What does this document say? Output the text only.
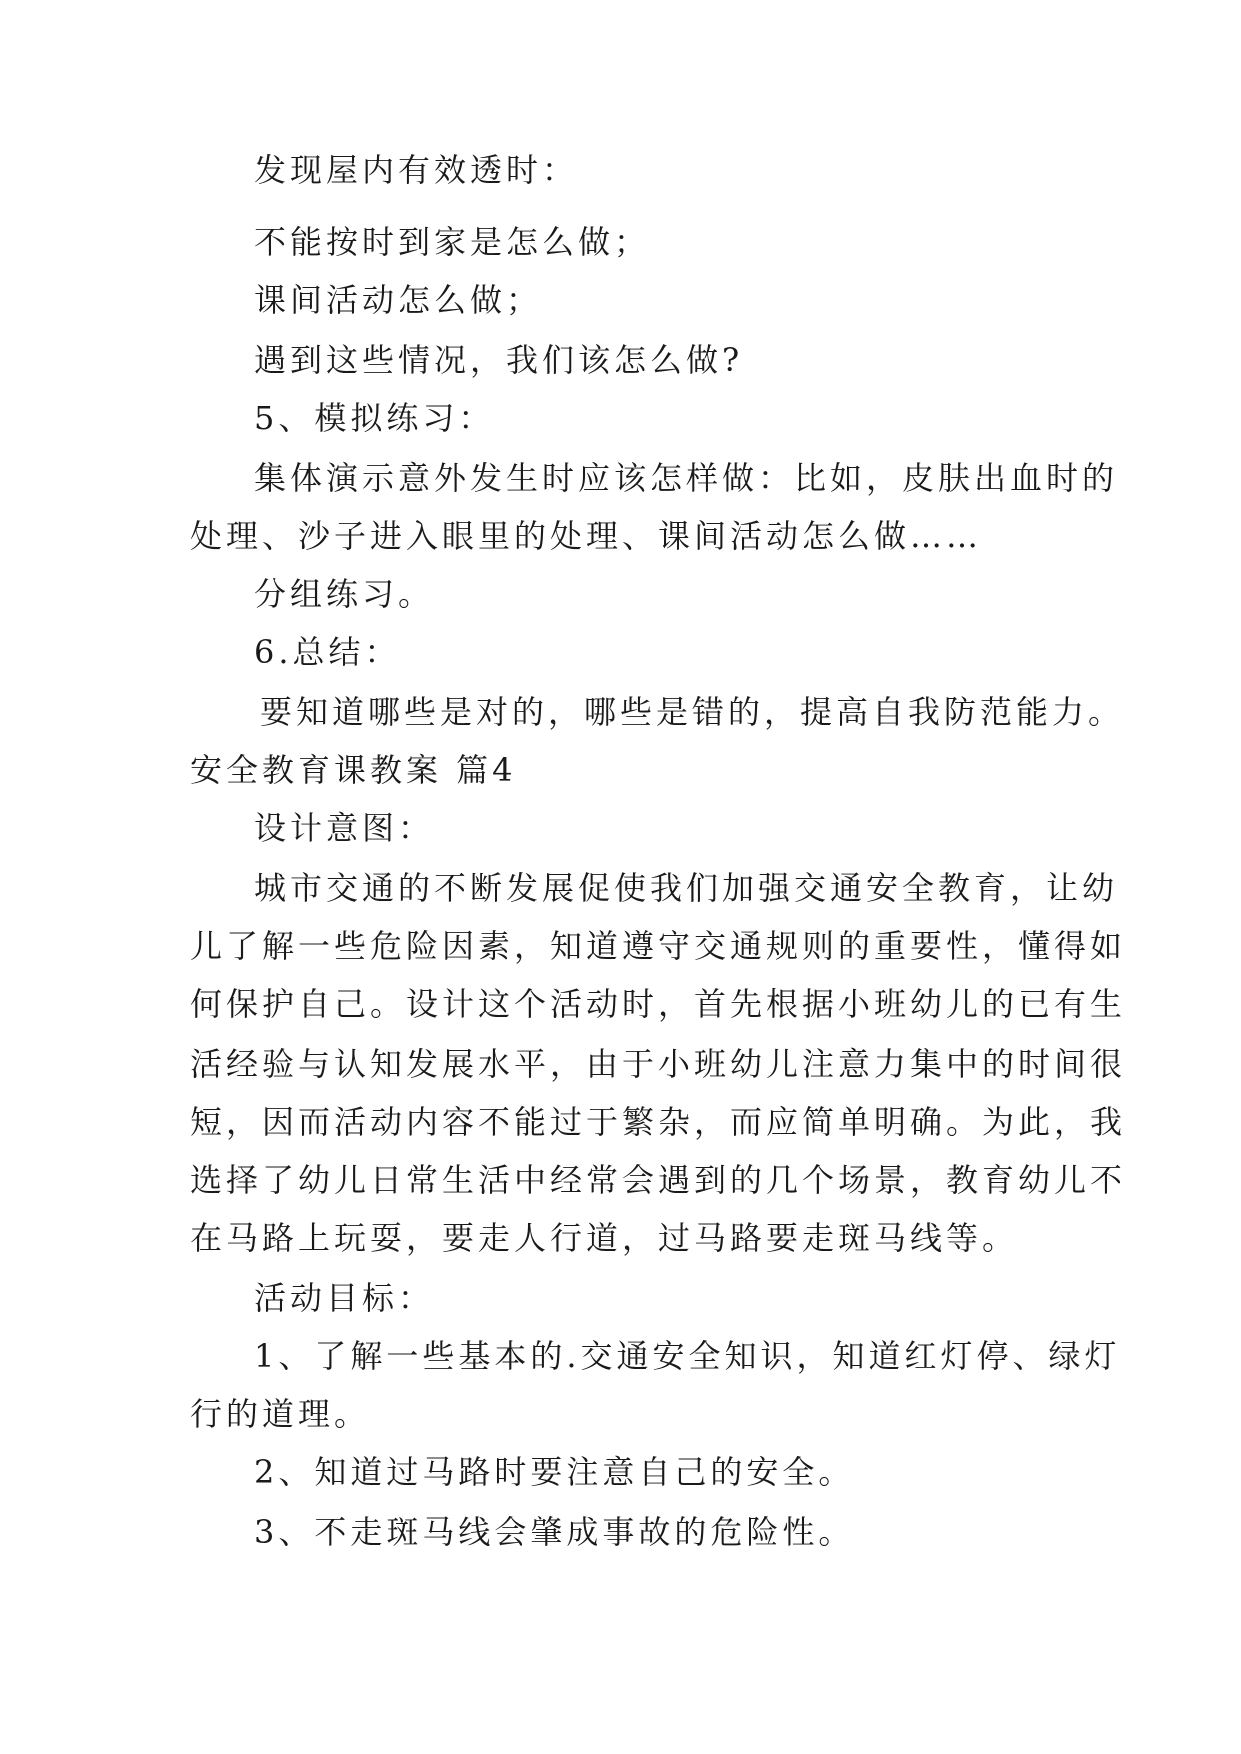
发现屋内有效透时：
不能按时到家是怎么做；
课间活动怎么做；
遇到这些情况，我们该怎么做?
5、模拟练习：
集体演示意外发生时应该怎样做：比如，皮肤出血时的
处理、沙子进入眼里的处理、课间活动怎么做……
分组练习。
6.总结：
要知道哪些是对的，哪些是错的，提高自我防范能力。
安全教育课教案 篇4
设计意图：
城市交通的不断发展促使我们加强交通安全教育，让幼
儿了解一些危险因素，知道遵守交通规则的重要性，懂得如
何保护自己。设计这个活动时，首先根据小班幼儿的已有生
活经验与认知发展水平，由于小班幼儿注意力集中的时间很
短，因而活动内容不能过于繁杂，而应简单明确。为此，我
选择了幼儿日常生活中经常会遇到的几个场景，教育幼儿不
在马路上玩耍，要走人行道，过马路要走斑马线等。
活动目标：
1、了解一些基本的.交通安全知识，知道红灯停、绿灯
行的道理。
2、知道过马路时要注意自己的安全。
3、不走斑马线会肇成事故的危险性。
